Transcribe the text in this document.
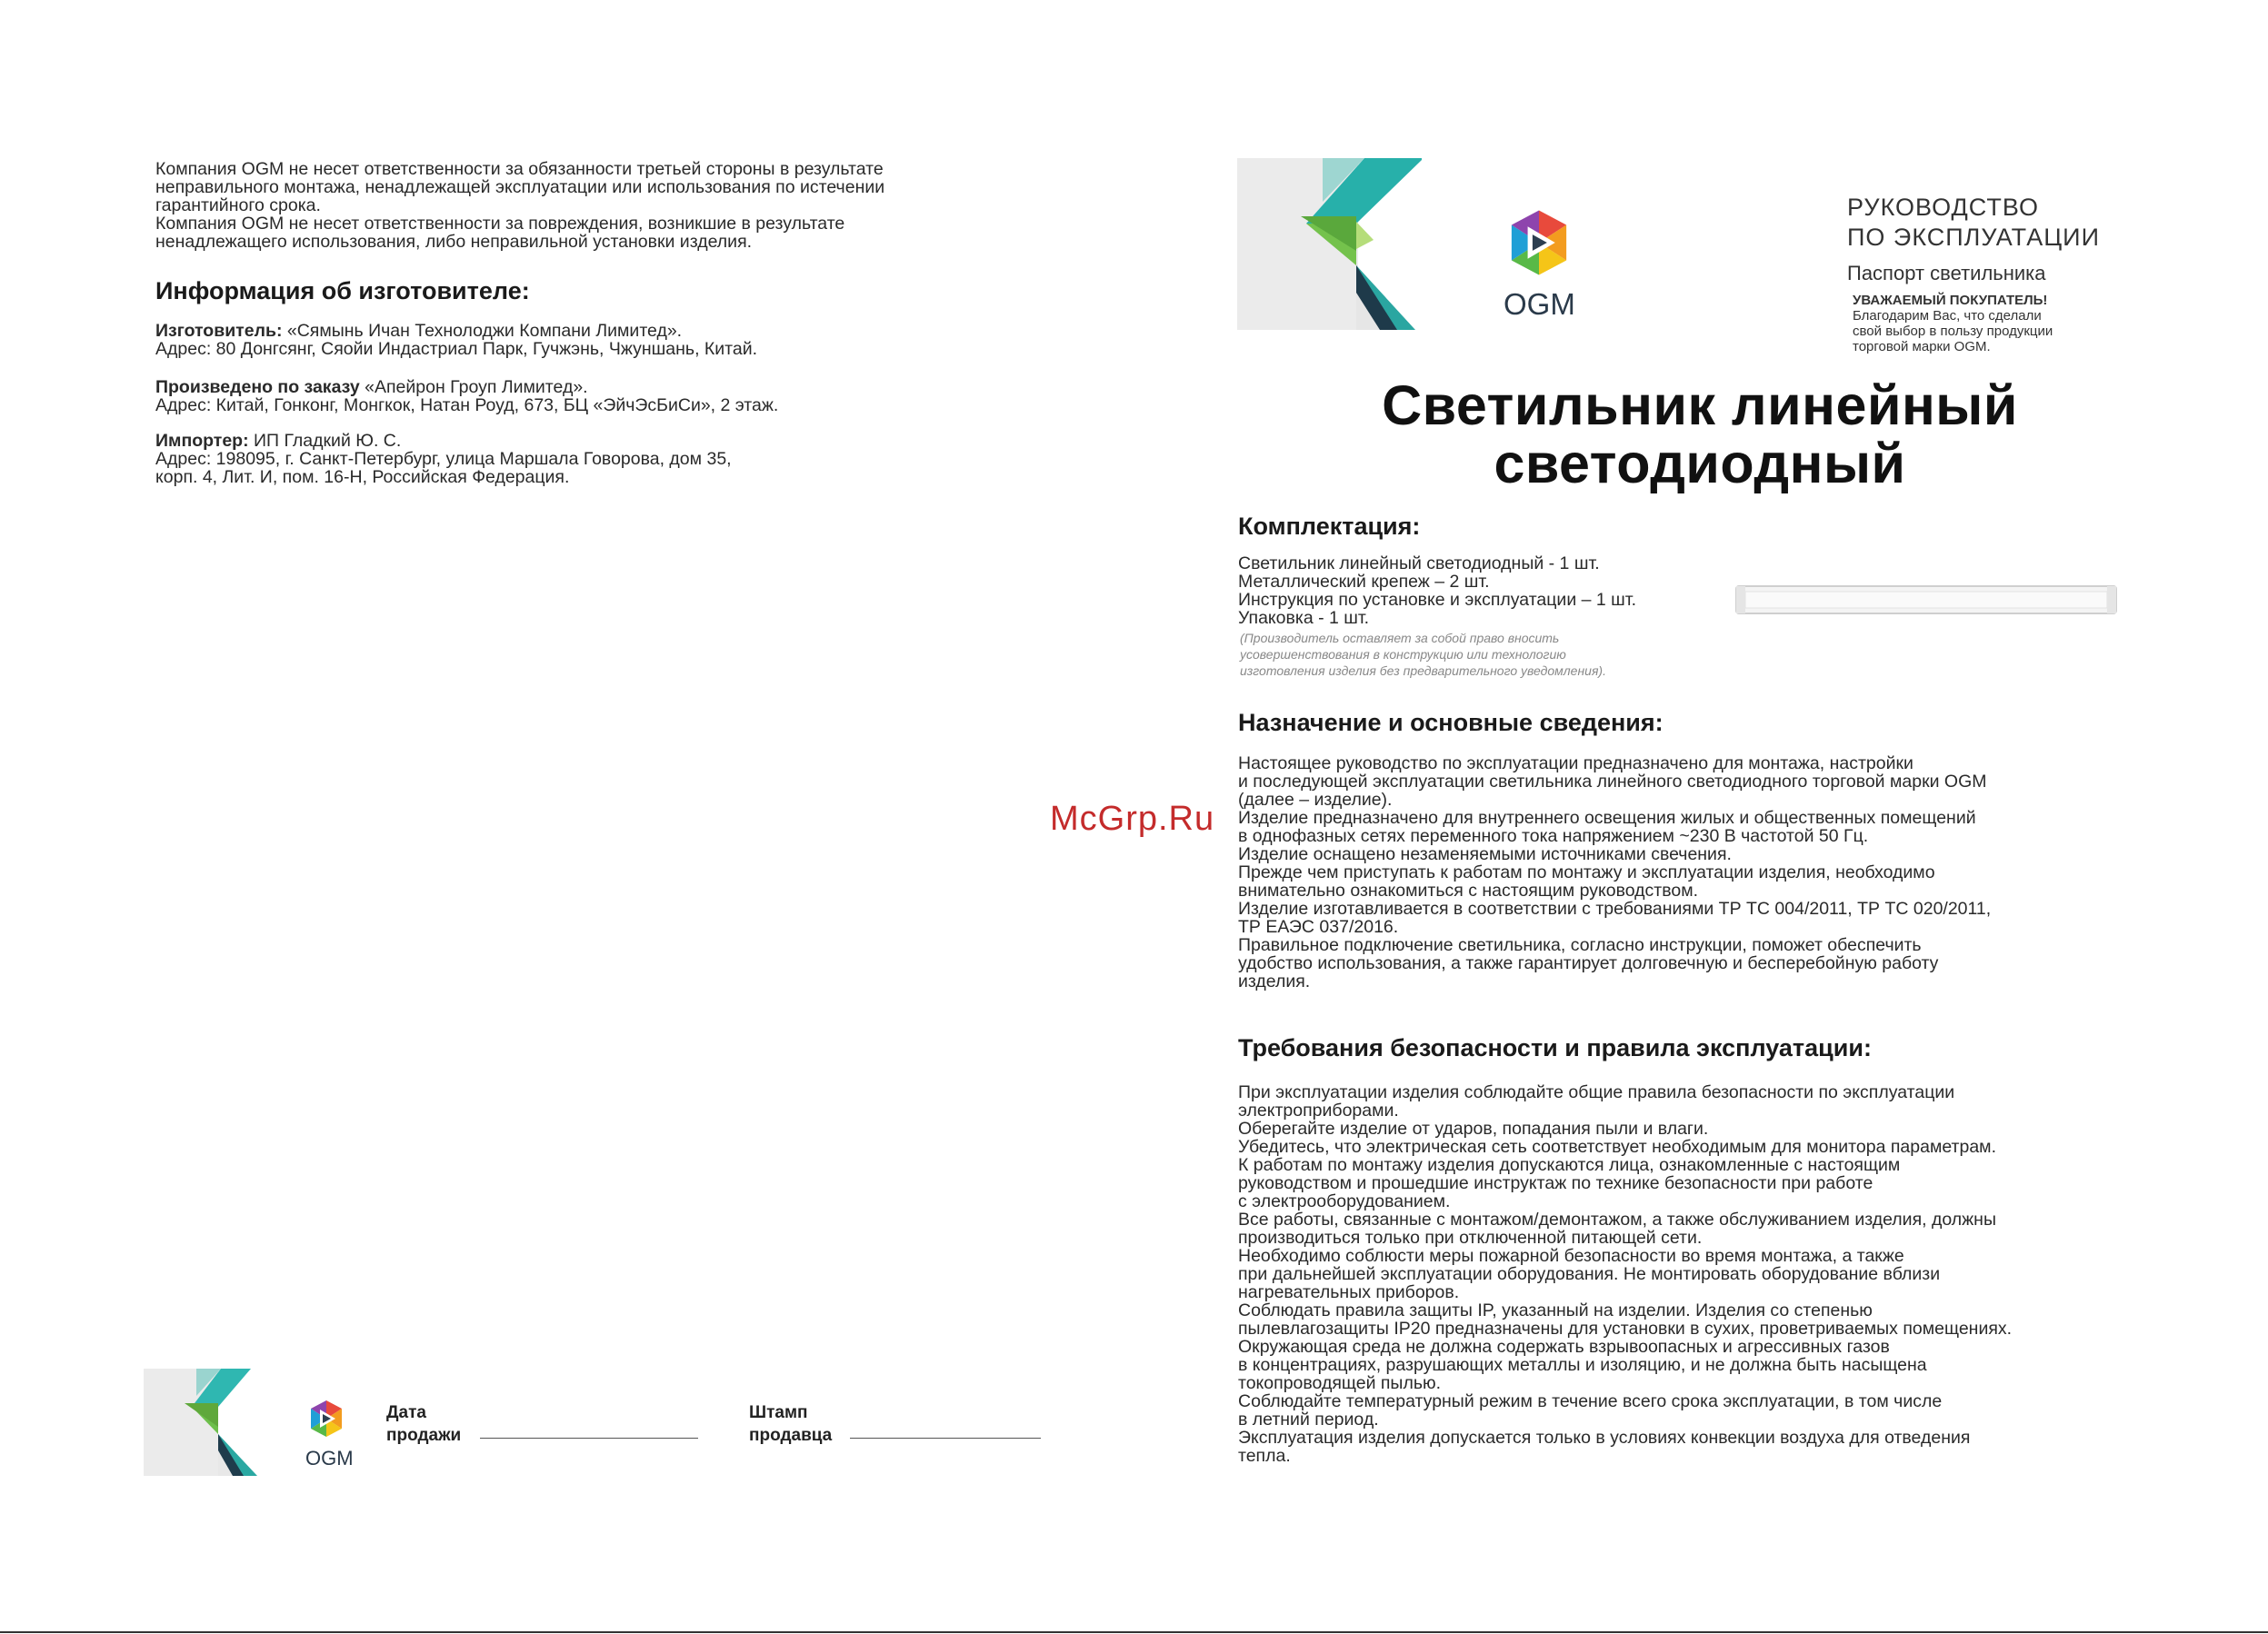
Компания OGM не несет ответственности за обязанности третьей стороны в результате
неправильного монтажа, ненадлежащей эксплуатации или использования по истечении
гарантийного срока.
Компания OGM не несет ответственности за повреждения, возникшие в результате
ненадлежащего использования, либо неправильной установки изделия.
Информация об изготовителе:
Изготовитель: «Сямынь Ичан Технолоджи Компани Лимитед».
Адрес: 80 Донгсянг, Сяойи Индастриал Парк, Гучжэнь, Чжуншань, Китай.
Произведено по заказу «Апейрон Гроуп Лимитед».
Адрес: Китай, Гонконг, Монгкок, Натан Роуд, 673, БЦ «ЭйчЭсБиСи», 2 этаж.
Импортер: ИП Гладкий Ю. С.
Адрес: 198095, г. Санкт-Петербург, улица Маршала Говорова, дом 35,
корп. 4, Лит. И, пом. 16-Н, Российская Федерация.
OGM
Дата
продажи
Штамп
продавца
OGM
РУКОВОДСТВО
ПО ЭКСПЛУАТАЦИИ
Паспорт светильника
УВАЖАЕМЫЙ ПОКУПАТЕЛЬ!
Благодарим Вас, что сделали
свой выбор в пользу продукции
торговой марки OGM.
Светильник линейный
светодиодный
Комплектация:
Светильник линейный светодиодный - 1 шт.
Металлический крепеж – 2 шт.
Инструкция по установке и эксплуатации – 1 шт.
Упаковка - 1 шт.
(Производитель оставляет за собой право вносить
усовершенствования в конструкцию или технологию
изготовления изделия без предварительного уведомления).
Назначение и основные сведения:
Настоящее руководство по эксплуатации предназначено для монтажа, настройки
и последующей эксплуатации светильника линейного светодиодного торговой марки OGM
(далее – изделие).
Изделие предназначено для внутреннего освещения жилых и общественных помещений
в однофазных сетях переменного тока напряжением ~230 В частотой 50 Гц.
Изделие оснащено незаменяемыми источниками свечения.
Прежде чем приступать к работам по монтажу и эксплуатации изделия, необходимо
внимательно ознакомиться с настоящим руководством.
Изделие изготавливается в соответствии с требованиями ТР ТС 004/2011, ТР ТС 020/2011,
ТР ЕАЭС 037/2016.
Правильное подключение светильника, согласно инструкции, поможет обеспечить
удобство использования, а также гарантирует долговечную и бесперебойную работу
изделия.
Требования безопасности и правила эксплуатации:
При эксплуатации изделия соблюдайте общие правила безопасности по эксплуатации
электроприборами.
Оберегайте изделие от ударов, попадания пыли и влаги.
Убедитесь, что электрическая сеть соответствует необходимым для монитора параметрам.
К работам по монтажу изделия допускаются лица, ознакомленные с настоящим
руководством и прошедшие инструктаж по технике безопасности при работе
с электрооборудованием.
Все работы, связанные с монтажом/демонтажом, а также обслуживанием изделия, должны
производиться только при отключенной питающей сети.
Необходимо соблюсти меры пожарной безопасности во время монтажа, а также
при дальнейшей эксплуатации оборудования. Не монтировать оборудование вблизи
нагревательных приборов.
Соблюдать правила защиты IP, указанный на изделии. Изделия со степенью
пылевлагозащиты IP20 предназначены для установки в сухих, проветриваемых помещениях.
Окружающая среда не должна содержать взрывоопасных и агрессивных газов
в концентрациях, разрушающих металлы и изоляцию, и не должна быть насыщена
токопроводящей пылью.
Соблюдайте температурный режим в течение всего срока эксплуатации, в том числе
в летний период.
Эксплуатация изделия допускается только в условиях конвекции воздуха для отведения
тепла.
McGrp.Ru
